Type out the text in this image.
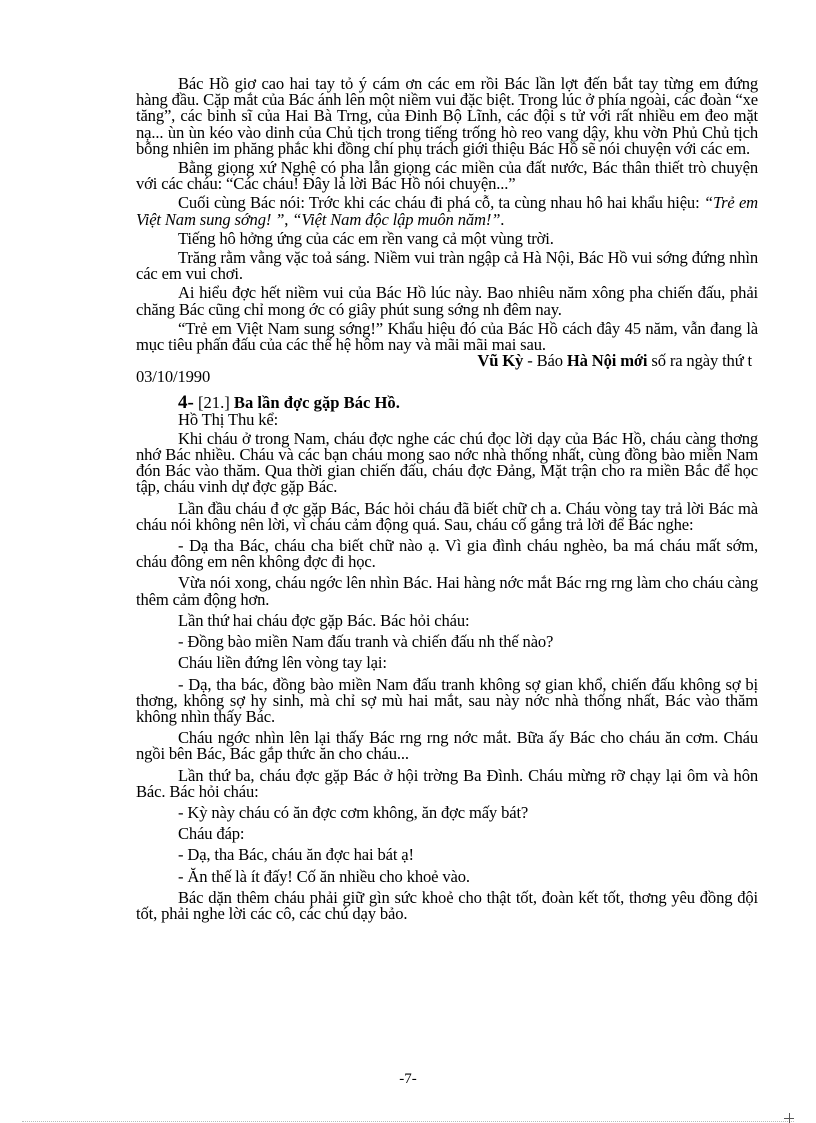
Bác Hồ giơ cao hai tay tỏ ý cám ơn các em rồi Bác lần lợt đến bắt tay từng em đứng hàng đầu. Cặp mắt của Bác ánh lên một niềm vui đặc biệt. Trong lúc ở phía ngoài, các đoàn “xe tăng”, các binh sĩ của Hai Bà Trng, của Đinh Bộ Lĩnh, các đội s tử với rất nhiều em đeo mặt nạ... ùn ùn kéo vào dinh của Chủ tịch trong tiếng trống hò reo vang dậy, khu vờn Phủ Chủ tịch bỗng nhiên im phăng phắc khi đồng chí phụ trách giới thiệu Bác Hồ sẽ nói chuyện với các em.

Bằng giọng xứ Nghệ có pha lẫn giọng các miền của đất nước, Bác thân thiết trò chuyện với các cháu: “Các cháu! Đây là lời Bác Hồ nói chuyện...”

Cuối cùng Bác nói: Trớc khi các cháu đi phá cỗ, ta cùng nhau hô hai khẩu hiệu: “Trẻ em Việt Nam sung sớng! ”, “Việt Nam độc lập muôn năm!”.

Tiếng hô hởng ứng của các em rền vang cả một vùng trời.

Trăng rằm vằng vặc toả sáng. Niềm vui tràn ngập cả Hà Nội, Bác Hồ vui sớng đứng nhìn các em vui chơi.

Ai hiểu đợc hết niềm vui của Bác Hồ lúc này. Bao nhiêu năm xông pha chiến đấu, phải chăng Bác cũng chỉ mong ớc có giây phút sung sớng nh đêm nay.

“Trẻ em Việt Nam sung sớng!” Khẩu hiệu đó của Bác Hồ cách đây 45 năm, vẫn đang là mục tiêu phấn đấu của các thế hệ hôm nay và mãi mãi mai sau.

Vũ Kỳ - Báo Hà Nội mới số ra ngày thứ t

03/10/1990

4- [21.] Ba lần đợc gặp Bác Hồ.

Hồ Thị Thu kể:

Khi cháu ở trong Nam, cháu đợc nghe các chú đọc lời dạy của Bác Hồ, cháu càng thơng nhớ Bác nhiều. Cháu và các bạn cháu mong sao nớc nhà thống nhất, cùng đồng bào miền Nam đón Bác vào thăm. Qua thời gian chiến đấu, cháu đợc Đảng, Mặt trận cho ra miền Bắc để học tập, cháu vinh dự đợc gặp Bác.

Lần đầu cháu đ ợc gặp Bác, Bác hỏi cháu đã biết chữ ch a. Cháu vòng tay trả lời Bác mà cháu nói không nên lời, vì cháu cảm động quá. Sau, cháu cố gắng trả lời để Bác nghe:

- Dạ tha Bác, cháu cha biết chữ nào ạ. Vì gia đình cháu nghèo, ba má cháu mất sớm, cháu đông em nên không đợc đi học.

Vừa nói xong, cháu ngớc lên nhìn Bác. Hai hàng nớc mắt Bác rng rng làm cho cháu càng thêm cảm động hơn.

Lần thứ hai cháu đợc gặp Bác. Bác hỏi cháu:

- Đồng bào miền Nam đấu tranh và chiến đấu nh thế nào?

Cháu liền đứng lên vòng tay lại:

- Dạ, tha bác, đồng bào miền Nam đấu tranh không sợ gian khổ, chiến đấu không sợ bị thơng, không sợ hy sinh, mà chỉ sợ mù hai mắt, sau này nớc nhà thống nhất, Bác vào thăm không nhìn thấy Bác.

Cháu ngớc nhìn lên lại thấy Bác rng rng nớc mắt. Bữa ấy Bác cho cháu ăn cơm. Cháu ngồi bên Bác, Bác gắp thức ăn cho cháu...

Lần thứ ba, cháu đợc gặp Bác ở hội trờng Ba Đình. Cháu mừng rỡ chạy lại ôm và hôn Bác. Bác hỏi cháu:

- Kỳ này cháu có ăn đợc cơm không, ăn đợc mấy bát?

Cháu đáp:

- Dạ, tha Bác, cháu ăn đợc hai bát ạ!

- Ăn thế là ít đấy! Cố ăn nhiều cho khoẻ vào.

Bác dặn thêm cháu phải giữ gìn sức khoẻ cho thật tốt, đoàn kết tốt, thơng yêu đồng đội tốt, phải nghe lời các cô, các chú dạy bảo.

-7-
